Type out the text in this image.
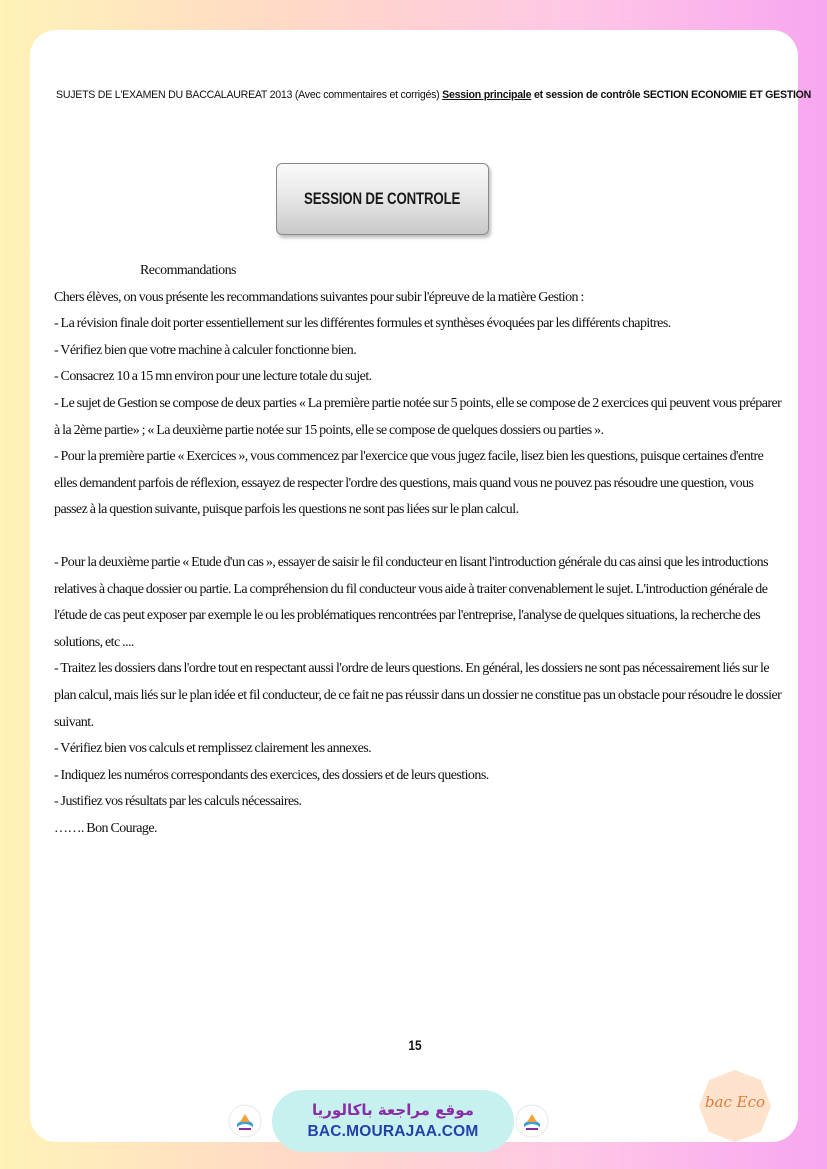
SUJETS DE L'EXAMEN DU BACCALAUREAT 2013 (Avec commentaires et corrigés) Session principale et session de contrôle SECTION ECONOMIE ET GESTION
SESSION DE CONTROLE

Recommandations

Chers élèves, on vous présente les recommandations suivantes pour subir l'épreuve de la matière Gestion :

- La révision finale doit porter essentiellement sur les différentes formules et synthèses évoquées par les différents chapitres.

- Vérifiez bien que votre machine à calculer fonctionne bien.

- Consacrez 10 a 15 mn environ pour une lecture totale du sujet.

- Le sujet de Gestion se compose de deux parties « La première partie notée sur 5 points, elle se compose de 2 exercices qui peuvent vous préparer à la 2ème partie» ; « La deuxième partie notée sur 15 points, elle se compose de quelques dossiers ou parties ».

- Pour la première partie « Exercices », vous commencez par l'exercice que vous jugez facile, lisez bien les questions, puisque certaines d'entre elles demandent parfois de réflexion, essayez de respecter l'ordre des questions, mais quand vous ne pouvez pas résoudre une question, vous passez à la question suivante, puisque parfois les questions ne sont pas liées sur le plan calcul.

- Pour la deuxième partie « Etude d'un cas », essayer de saisir le fil conducteur en lisant l'introduction générale du cas ainsi que les introductions relatives à chaque dossier ou partie. La compréhension du fil conducteur vous aide à traiter convenablement le sujet. L'introduction générale de l'étude de cas peut exposer par exemple le ou les problématiques rencontrées par l'entreprise, l'analyse de quelques situations, la recherche des solutions, etc ....

- Traitez les dossiers dans l'ordre tout en respectant aussi l'ordre de leurs questions. En général, les dossiers ne sont pas nécessairement liés sur le plan calcul, mais liés sur le plan idée et fil conducteur, de ce fait ne pas réussir dans un dossier ne constitue pas un obstacle pour résoudre le dossier suivant.

- Vérifiez bien vos calculs et remplissez clairement les annexes.

- Indiquez les numéros correspondants des exercices, des dossiers et de leurs questions.

- Justifiez vos résultats par les calculs nécessaires.

……. Bon Courage.

15
موقع مراجعة باكالوريا
BAC.MOURAJAA.COM
bac Eco
